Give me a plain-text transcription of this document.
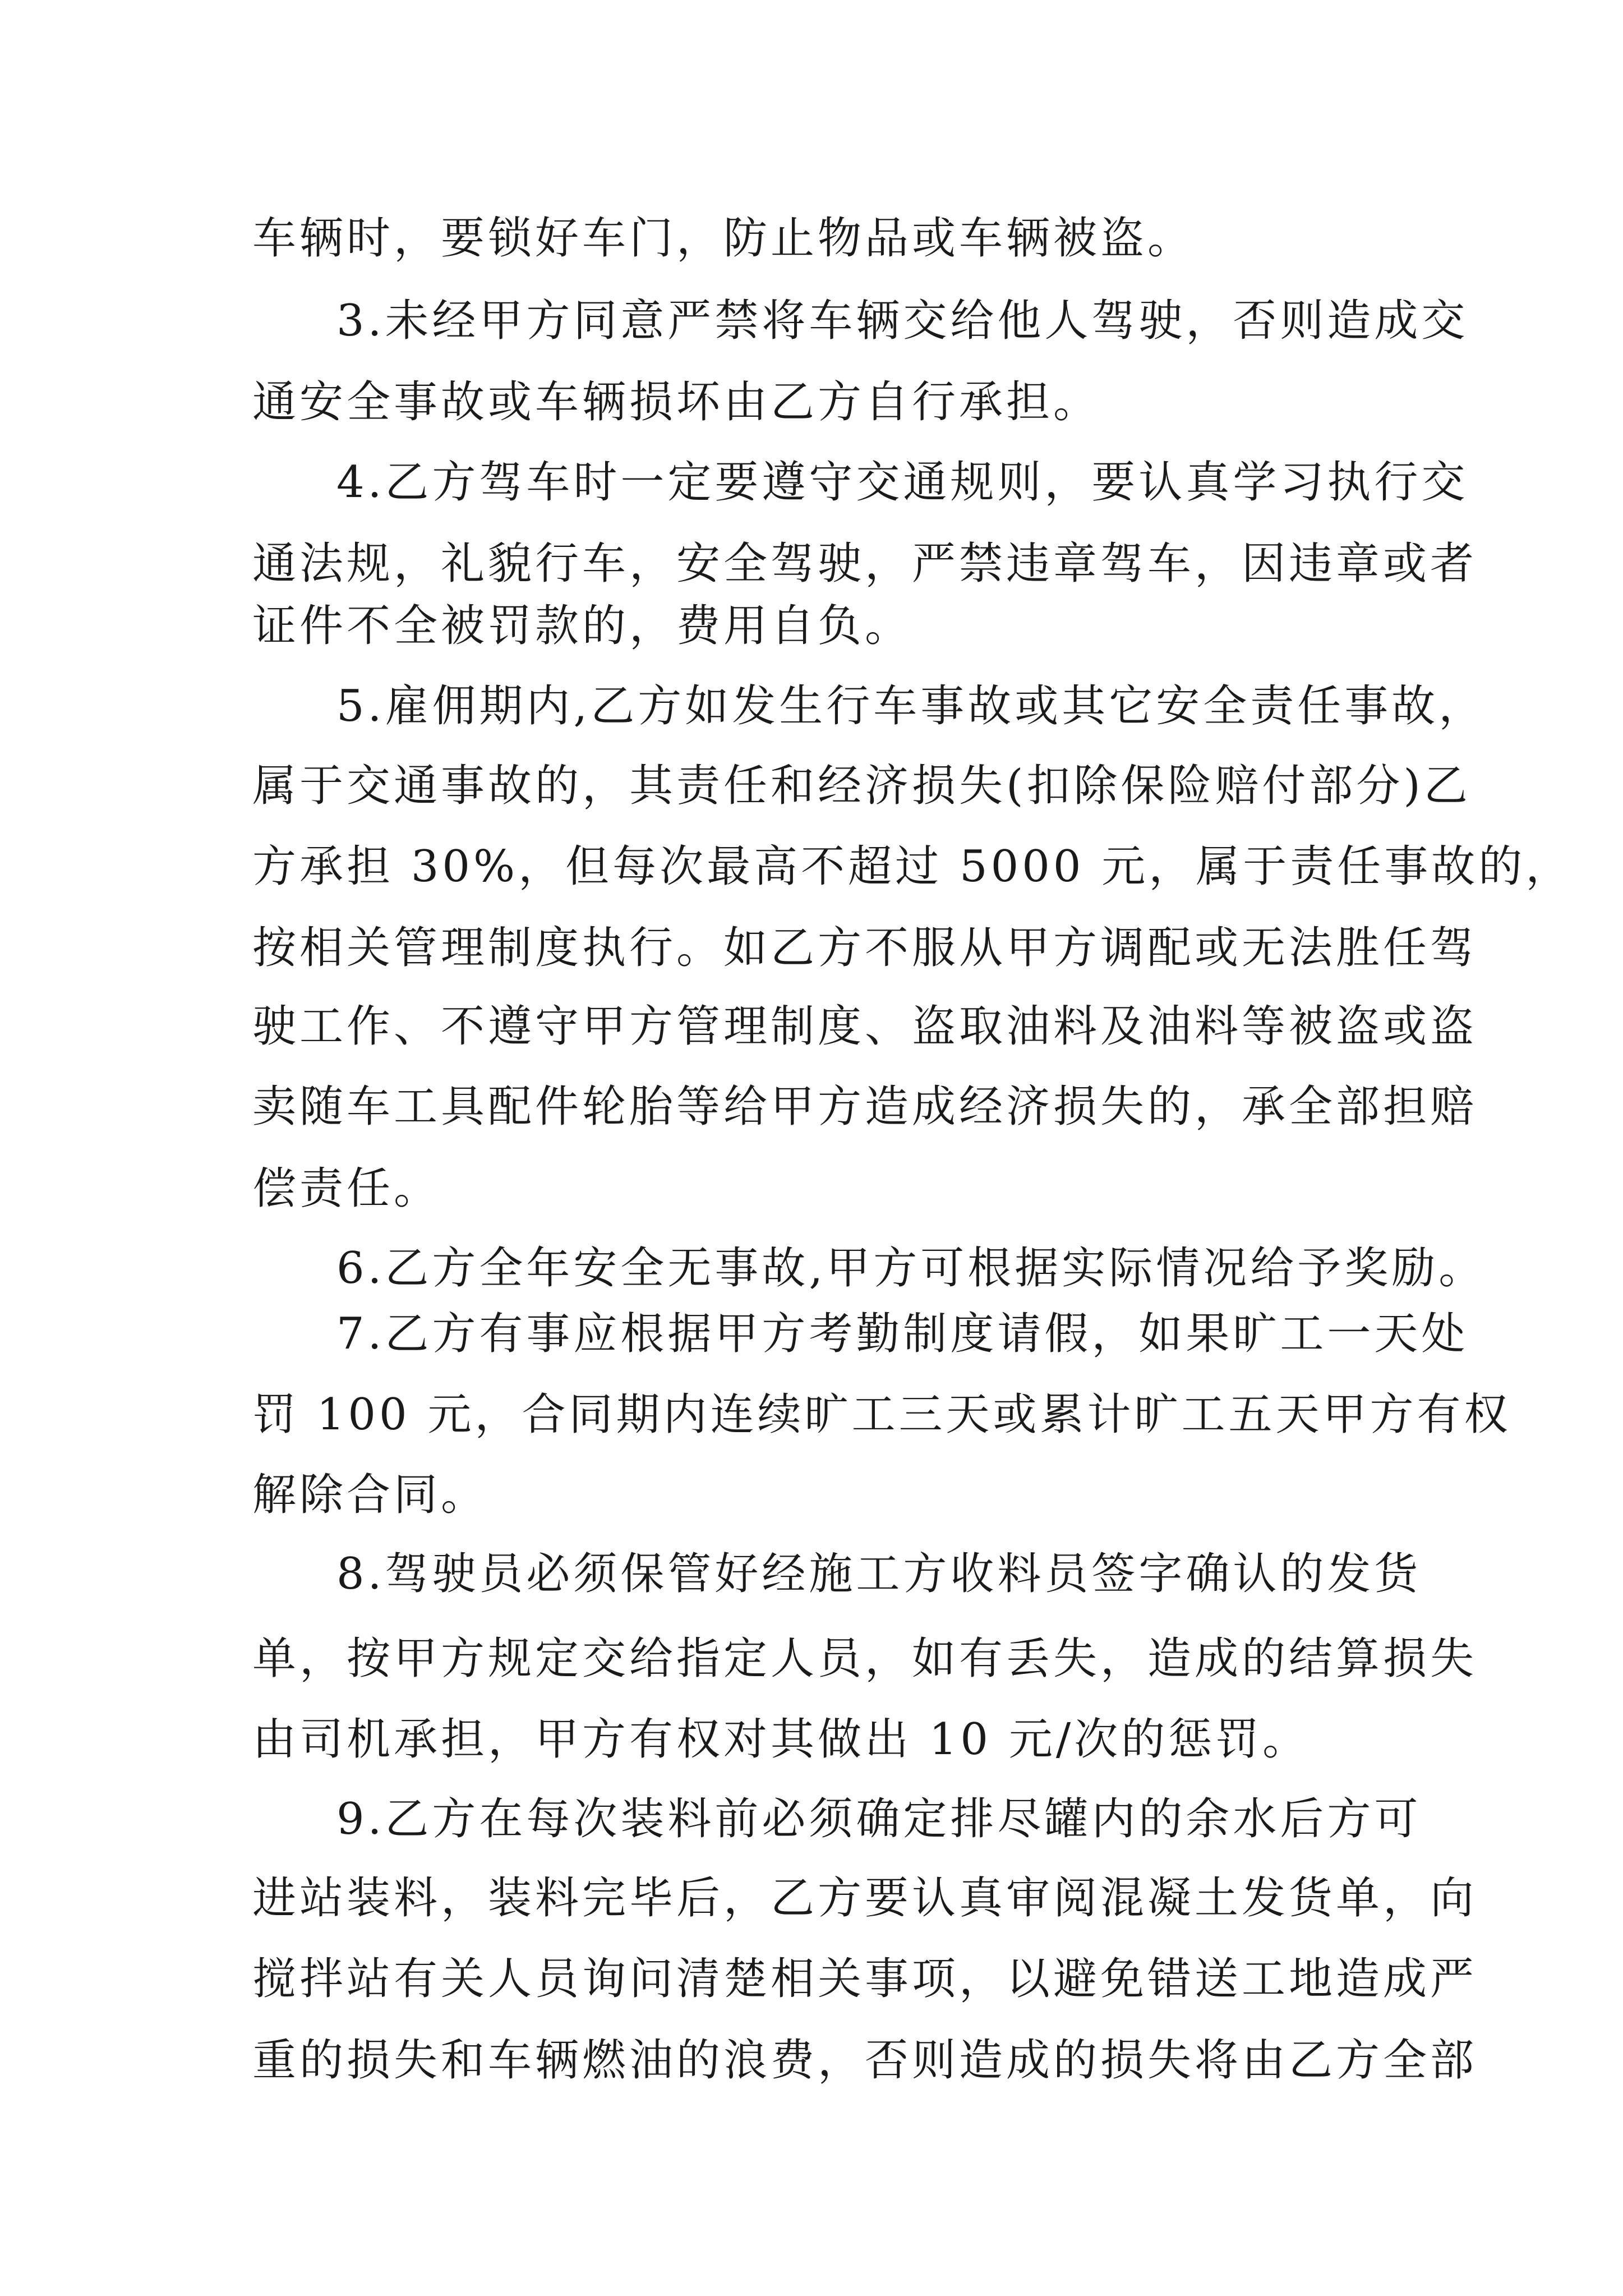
车辆时，要锁好车门，防止物品或车辆被盗。
3.未经甲方同意严禁将车辆交给他人驾驶，否则造成交
通安全事故或车辆损坏由乙方自行承担。
4.乙方驾车时一定要遵守交通规则，要认真学习执行交
通法规，礼貌行车，安全驾驶，严禁违章驾车，因违章或者
证件不全被罚款的，费用自负。
5.雇佣期内,乙方如发生行车事故或其它安全责任事故，
属于交通事故的，其责任和经济损失(扣除保险赔付部分)乙
方承担 30%，但每次最高不超过 5000 元，属于责任事故的，
按相关管理制度执行。如乙方不服从甲方调配或无法胜任驾
驶工作、不遵守甲方管理制度、盗取油料及油料等被盗或盗
卖随车工具配件轮胎等给甲方造成经济损失的，承全部担赔
偿责任。
6.乙方全年安全无事故,甲方可根据实际情况给予奖励。
7.乙方有事应根据甲方考勤制度请假，如果旷工一天处
罚 100 元，合同期内连续旷工三天或累计旷工五天甲方有权
解除合同。
8.驾驶员必须保管好经施工方收料员签字确认的发货
单，按甲方规定交给指定人员，如有丢失，造成的结算损失
由司机承担，甲方有权对其做出 10 元/次的惩罚。
9.乙方在每次装料前必须确定排尽罐内的余水后方可
进站装料，装料完毕后，乙方要认真审阅混凝土发货单，向
搅拌站有关人员询问清楚相关事项，以避免错送工地造成严
重的损失和车辆燃油的浪费，否则造成的损失将由乙方全部
